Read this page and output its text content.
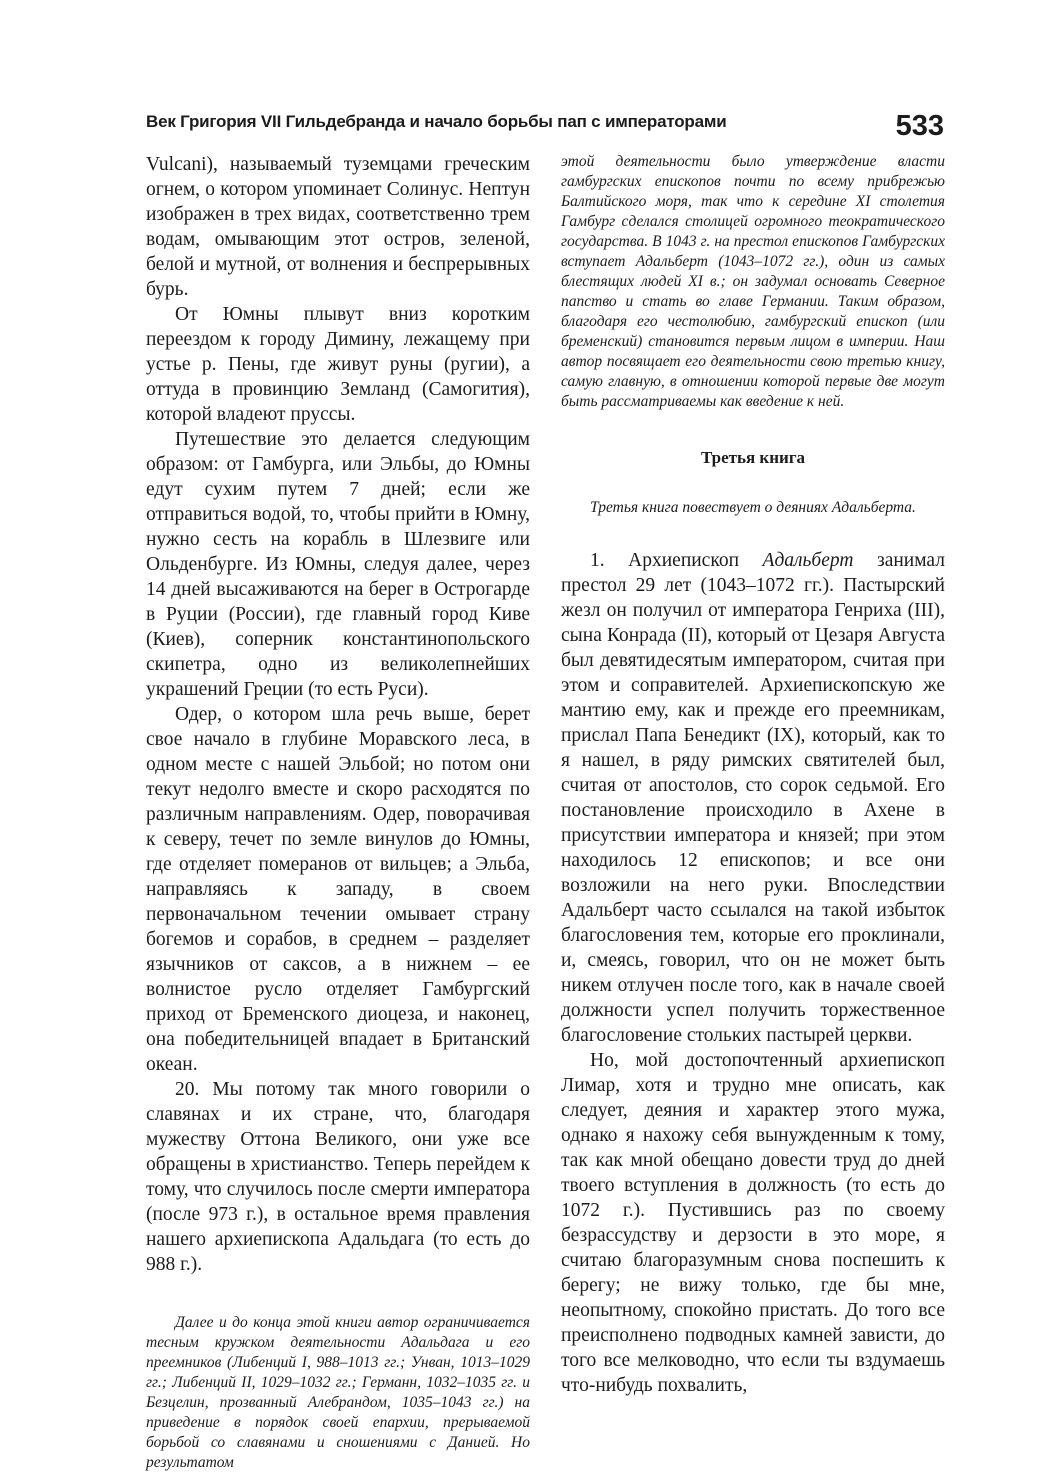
Век Григория VII Гильдебранда и начало борьбы пап с императорами	533

Vulcani), называемый туземцами греческим огнем, о котором упоминает Солинус. Нептун изображен в трех видах, соответственно трем водам, омывающим этот остров, зеленой, белой и мутной, от волнения и беспрерывных бурь.

От Юмны плывут вниз коротким переездом к городу Димину, лежащему при устье р. Пены, где живут руны (ругии), а оттуда в провинцию Земланд (Самогития), которой владеют пруссы.

Путешествие это делается следующим образом: от Гамбурга, или Эльбы, до Юмны едут сухим путем 7 дней; если же отправиться водой, то, чтобы прийти в Юмну, нужно сесть на корабль в Шлезвиге или Ольденбурге. Из Юмны, следуя далее, через 14 дней высаживаются на берег в Острогарде в Руции (России), где главный город Киве (Киев), соперник константинопольского скипетра, одно из великолепнейших украшений Греции (то есть Руси).

Одер, о котором шла речь выше, берет свое начало в глубине Моравского леса, в одном месте с нашей Эльбой; но потом они текут недолго вместе и скоро расходятся по различным направлениям. Одер, поворачивая к северу, течет по земле винулов до Юмны, где отделяет померанов от вильцев; а Эльба, направляясь к западу, в своем первоначальном течении омывает страну богемов и сорабов, в среднем – разделяет язычников от саксов, а в нижнем – ее волнистое русло отделяет Гамбургский приход от Бременского диоцеза, и наконец, она победительницей впадает в Британский океан.

20. Мы потому так много говорили о славянах и их стране, что, благодаря мужеству Оттона Великого, они уже все обращены в христианство. Теперь перейдем к тому, что случилось после смерти императора (после 973 г.), в остальное время правления нашего архиепископа Адальдага (то есть до 988 г.).

Далее и до конца этой книги автор ограничивается тесным кружком деятельности Адальдага и его преемников (Либенций I, 988–1013 гг.; Унван, 1013–1029 гг.; Либенций II, 1029–1032 гг.; Германн, 1032–1035 гг. и Безцелин, прозванный Алебрандом, 1035–1043 гг.) на приведение в порядок своей епархии, прерываемой борьбой со славянами и сношениями с Данией. Но результатом

этой деятельности было утверждение власти гамбургских епископов почти по всему прибрежью Балтийского моря, так что к середине XI столетия Гамбург сделался столицей огромного теократического государства. В 1043 г. на престол епископов Гамбургских вступает Адальберт (1043–1072 гг.), один из самых блестящих людей XI в.; он задумал основать Северное папство и стать во главе Германии. Таким образом, благодаря его честолюбию, гамбургский епископ (или бременский) становится первым лицом в империи. Наш автор посвящает его деятельности свою третью книгу, самую главную, в отношении которой первые две могут быть рассматриваемы как введение к ней.

Третья книга

Третья книга повествует о деяниях Адальберта.

1. Архиепископ Адальберт занимал престол 29 лет (1043–1072 гг.). Пастырский жезл он получил от императора Генриха (III), сына Конрада (II), который от Цезаря Августа был девятидесятым императором, считая при этом и соправителей. Архиепископскую же мантию ему, как и прежде его преемникам, прислал Папа Бенедикт (IX), который, как то я нашел, в ряду римских святителей был, считая от апостолов, сто сорок седьмой. Его постановление происходило в Ахене в присутствии императора и князей; при этом находилось 12 епископов; и все они возложили на него руки. Впоследствии Адальберт часто ссылался на такой избыток благословения тем, которые его проклинали, и, смеясь, говорил, что он не может быть никем отлучен после того, как в начале своей должности успел получить торжественное благословение стольких пастырей церкви.

Но, мой достопочтенный архиепископ Лимар, хотя и трудно мне описать, как следует, деяния и характер этого мужа, однако я нахожу себя вынужденным к тому, так как мной обещано довести труд до дней твоего вступления в должность (то есть до 1072 г.). Пустившись раз по своему безрассудству и дерзости в это море, я считаю благоразумным снова поспешить к берегу; не вижу только, где бы мне, неопытному, спокойно пристать. До того все преисполнено подводных камней зависти, до того все мелководно, что если ты вздумаешь что-нибудь похвалить,
